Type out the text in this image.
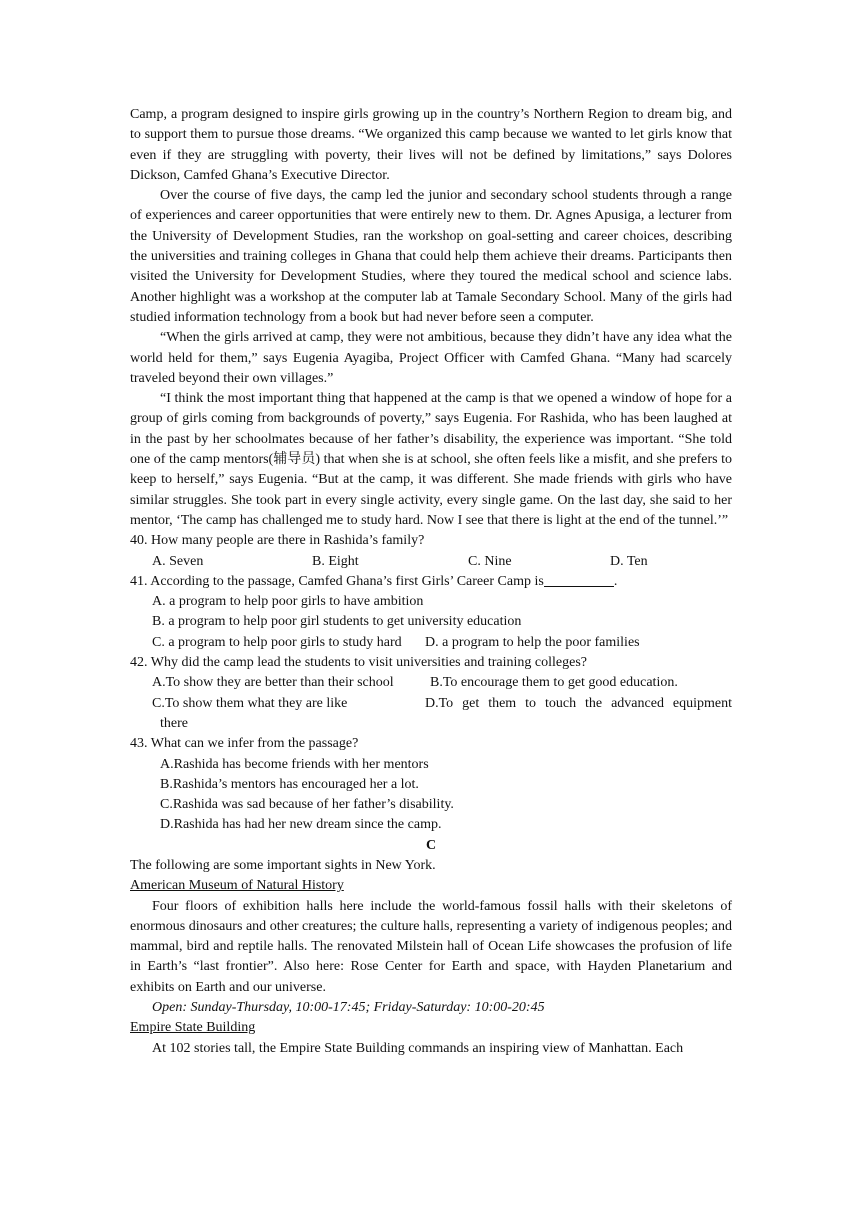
Camp, a program designed to inspire girls growing up in the country’s Northern Region to dream big, and to support them to pursue those dreams. “We organized this camp because we wanted to let girls know that even if they are struggling with poverty, their lives will not be defined by limitations,” says Dolores Dickson, Camfed Ghana’s Executive Director.

Over the course of five days, the camp led the junior and secondary school students through a range of experiences and career opportunities that were entirely new to them. Dr. Agnes Apusiga, a lecturer from the University of Development Studies, ran the workshop on goal-setting and career choices, describing the universities and training colleges in Ghana that could help them achieve their dreams. Participants then visited the University for Development Studies, where they toured the medical school and science labs. Another highlight was a workshop at the computer lab at Tamale Secondary School. Many of the girls had studied information technology from a book but had never before seen a computer.

“When the girls arrived at camp, they were not ambitious, because they didn’t have any idea what the world held for them,” says Eugenia Ayagiba, Project Officer with Camfed Ghana. “Many had scarcely traveled beyond their own villages.”

“I think the most important thing that happened at the camp is that we opened a window of hope for a group of girls coming from backgrounds of poverty,” says Eugenia. For Rashida, who has been laughed at in the past by her schoolmates because of her father’s disability, the experience was important. “She told one of the camp mentors(辅导员) that when she is at school, she often feels like a misfit, and she prefers to keep to herself,” says Eugenia. “But at the camp, it was different. She made friends with girls who have similar struggles. She took part in every single activity, every single game. On the last day, she said to her mentor, ‘The camp has challenged me to study hard. Now I see that there is light at the end of the tunnel.’”

40. How many people are there in Rashida’s family?
A. Seven	B. Eight	C. Nine	D. Ten
41. According to the passage, Camfed Ghana’s first Girls’ Career Camp is	.
A. a program to help poor girls to have ambition
B. a program to help poor girl students to get university education
C. a program to help poor girls to study hard	D. a program to help the poor families
42. Why did the camp lead the students to visit universities and training colleges?
A.To show they are better than their school	B.To encourage them to get good education.
C.To show them what they are like	D.To get them to touch the advanced equipment
there
43. What can we infer from the passage?
A.Rashida has become friends with her mentors
B.Rashida’s mentors has encouraged her a lot.
C.Rashida was sad because of her father’s disability.
D.Rashida has had her new dream since the camp.
C
The following are some important sights in New York.
American Museum of Natural History

Four floors of exhibition halls here include the world-famous fossil halls with their skeletons of enormous dinosaurs and other creatures; the culture halls, representing a variety of indigenous peoples; and mammal, bird and reptile halls. The renovated Milstein hall of Ocean Life showcases the profusion of life in Earth’s “last frontier”. Also here: Rose Center for Earth and space, with Hayden Planetarium and exhibits on Earth and our universe.

Open: Sunday-Thursday, 10:00-17:45; Friday-Saturday: 10:00-20:45
Empire State Building

At 102 stories tall, the Empire State Building commands an inspiring view of Manhattan. Each
